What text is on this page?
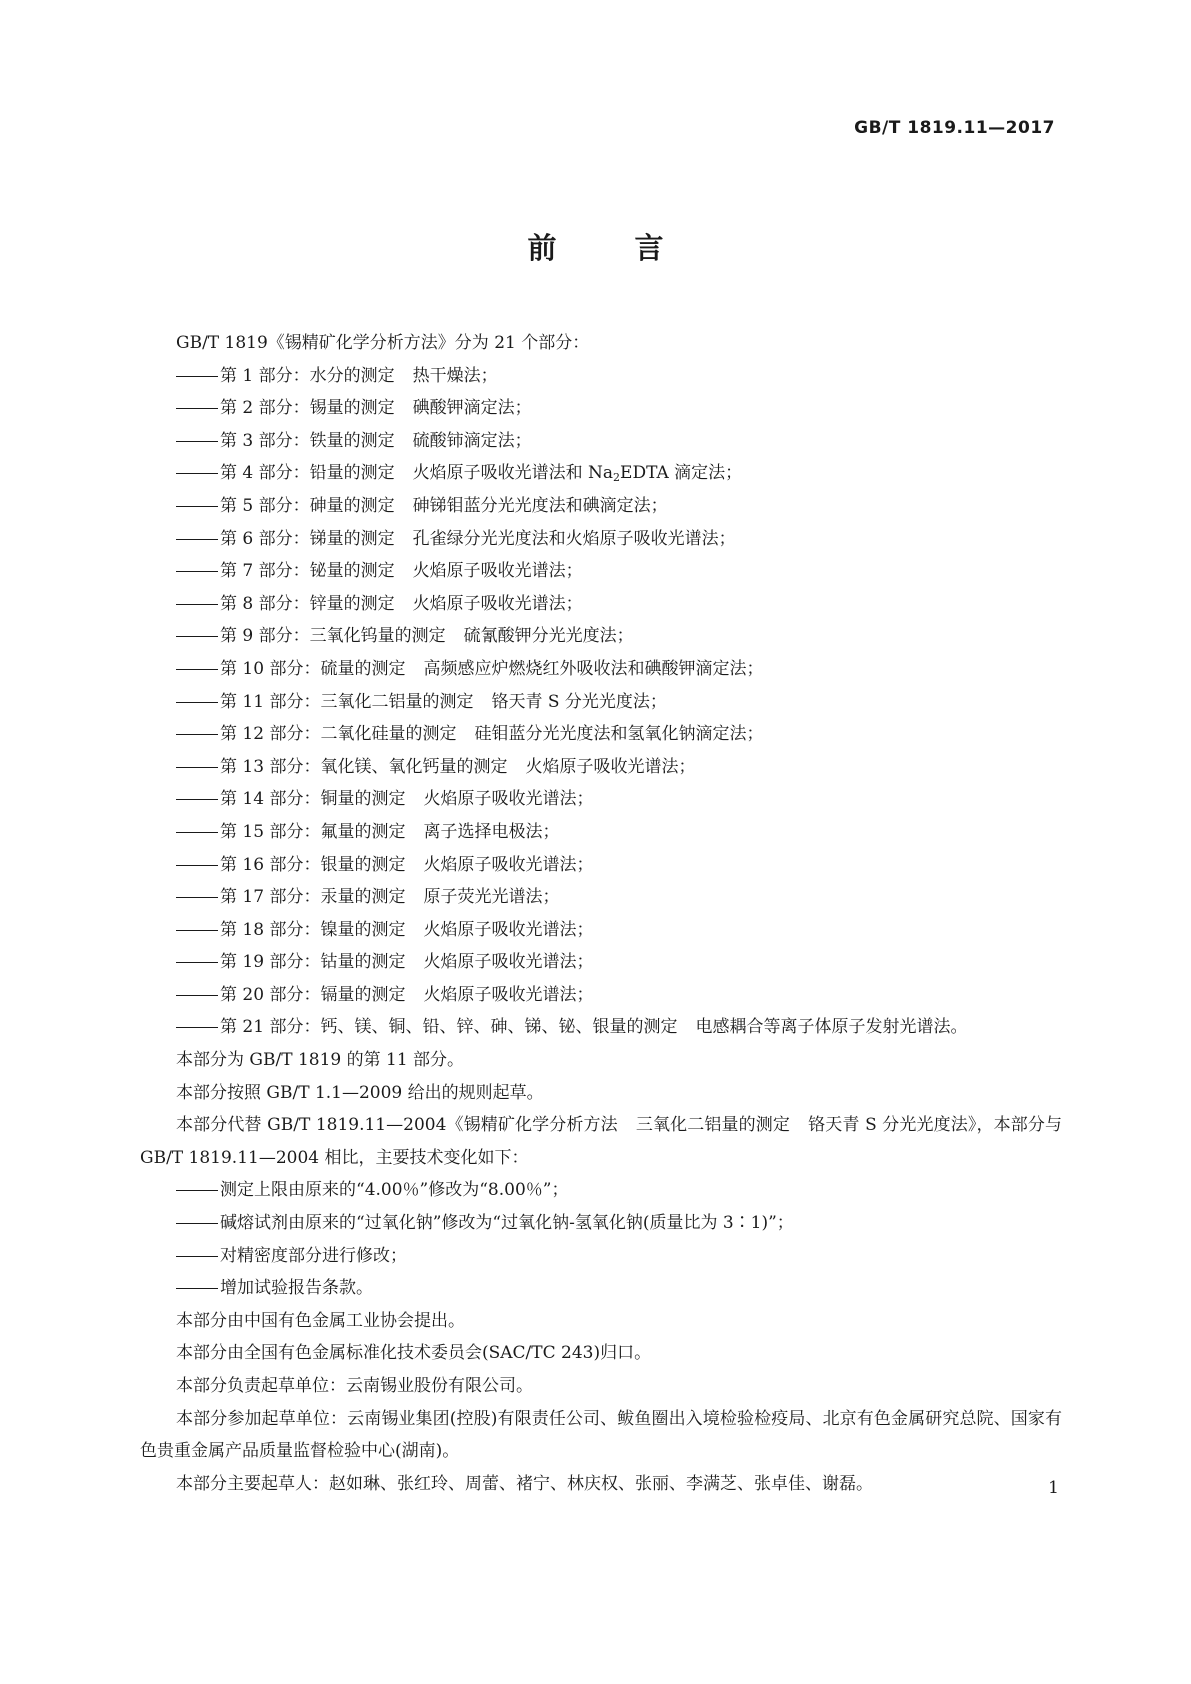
GB/T 1819.11—2017
前 言
GB/T 1819《锡精矿化学分析方法》分为 21 个部分：
第 1 部分：水分的测定 热干燥法；
第 2 部分：锡量的测定 碘酸钾滴定法；
第 3 部分：铁量的测定 硫酸铈滴定法；
第 4 部分：铅量的测定 火焰原子吸收光谱法和 $Na_2EDTA$ 滴定法；
第 5 部分：砷量的测定 砷锑钼蓝分光光度法和碘滴定法；
第 6 部分：锑量的测定 孔雀绿分光光度法和火焰原子吸收光谱法；
第 7 部分：铋量的测定 火焰原子吸收光谱法；
第 8 部分：锌量的测定 火焰原子吸收光谱法；
第 9 部分：三氧化钨量的测定 硫氰酸钾分光光度法；
第 10 部分：硫量的测定 高频感应炉燃烧红外吸收法和碘酸钾滴定法；
第 11 部分：三氧化二铝量的测定 铬天青 S 分光光度法；
第 12 部分：二氧化硅量的测定 硅钼蓝分光光度法和氢氧化钠滴定法；
第 13 部分：氧化镁、氧化钙量的测定 火焰原子吸收光谱法；
第 14 部分：铜量的测定 火焰原子吸收光谱法；
第 15 部分：氟量的测定 离子选择电极法；
第 16 部分：银量的测定 火焰原子吸收光谱法；
第 17 部分：汞量的测定 原子荧光光谱法；
第 18 部分：镍量的测定 火焰原子吸收光谱法；
第 19 部分：钴量的测定 火焰原子吸收光谱法；
第 20 部分：镉量的测定 火焰原子吸收光谱法；
第 21 部分：钙、镁、铜、铅、锌、砷、锑、铋、银量的测定 电感耦合等离子体原子发射光谱法。
本部分为 GB/T 1819 的第 11 部分。
本部分按照 GB/T 1.1—2009 给出的规则起草。

本部分代替 GB/T 1819.11—2004《锡精矿化学分析方法 三氧化二铝量的测定 铬天青 S 分光光度法》，本部分与GB/T 1819.11—2004 相比，主要技术变化如下：

测定上限由原来的“4.00％”修改为“8.00％”；
碱熔试剂由原来的“过氧化钠”修改为“过氧化钠-氢氧化钠(质量比为 3∶1)”；
对精密度部分进行修改；
增加试验报告条款。
本部分由中国有色金属工业协会提出。
本部分由全国有色金属标准化技术委员会(SAC/TC 243)归口。
本部分负责起草单位：云南锡业股份有限公司。

本部分参加起草单位：云南锡业集团(控股)有限责任公司、鲅鱼圈出入境检验检疫局、北京有色金属研究总院、国家有色贵重金属产品质量监督检验中心(湖南)。

本部分主要起草人：赵如琳、张红玲、周蕾、褚宁、林庆权、张丽、李满芝、张卓佳、谢磊。	1
